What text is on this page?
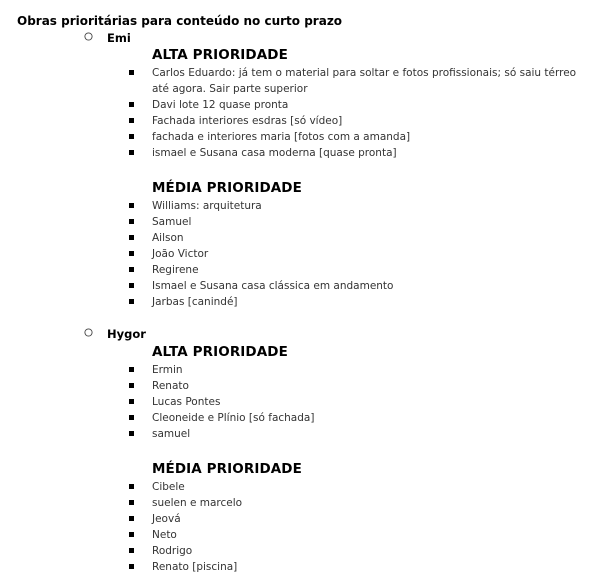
Obras prioritárias para conteúdo no curto prazo
Emi
ALTA PRIORIDADE
Carlos Eduardo: já tem o material para soltar e fotos profissionais; só saiu térreo até agora. Sair parte superior
Davi lote 12 quase pronta
Fachada interiores esdras [só vídeo]
fachada e interiores maria [fotos com a amanda]
ismael e Susana casa moderna [quase pronta]
MÉDIA PRIORIDADE
Williams: arquitetura
Samuel
Ailson
João Victor
Regirene
Ismael e Susana casa clássica em andamento
Jarbas [canindé]
Hygor
ALTA PRIORIDADE
Ermin
Renato
Lucas Pontes
Cleoneide e Plínio [só fachada]
samuel
MÉDIA PRIORIDADE
Cibele
suelen e marcelo
Jeová
Neto
Rodrigo
Renato [piscina]
